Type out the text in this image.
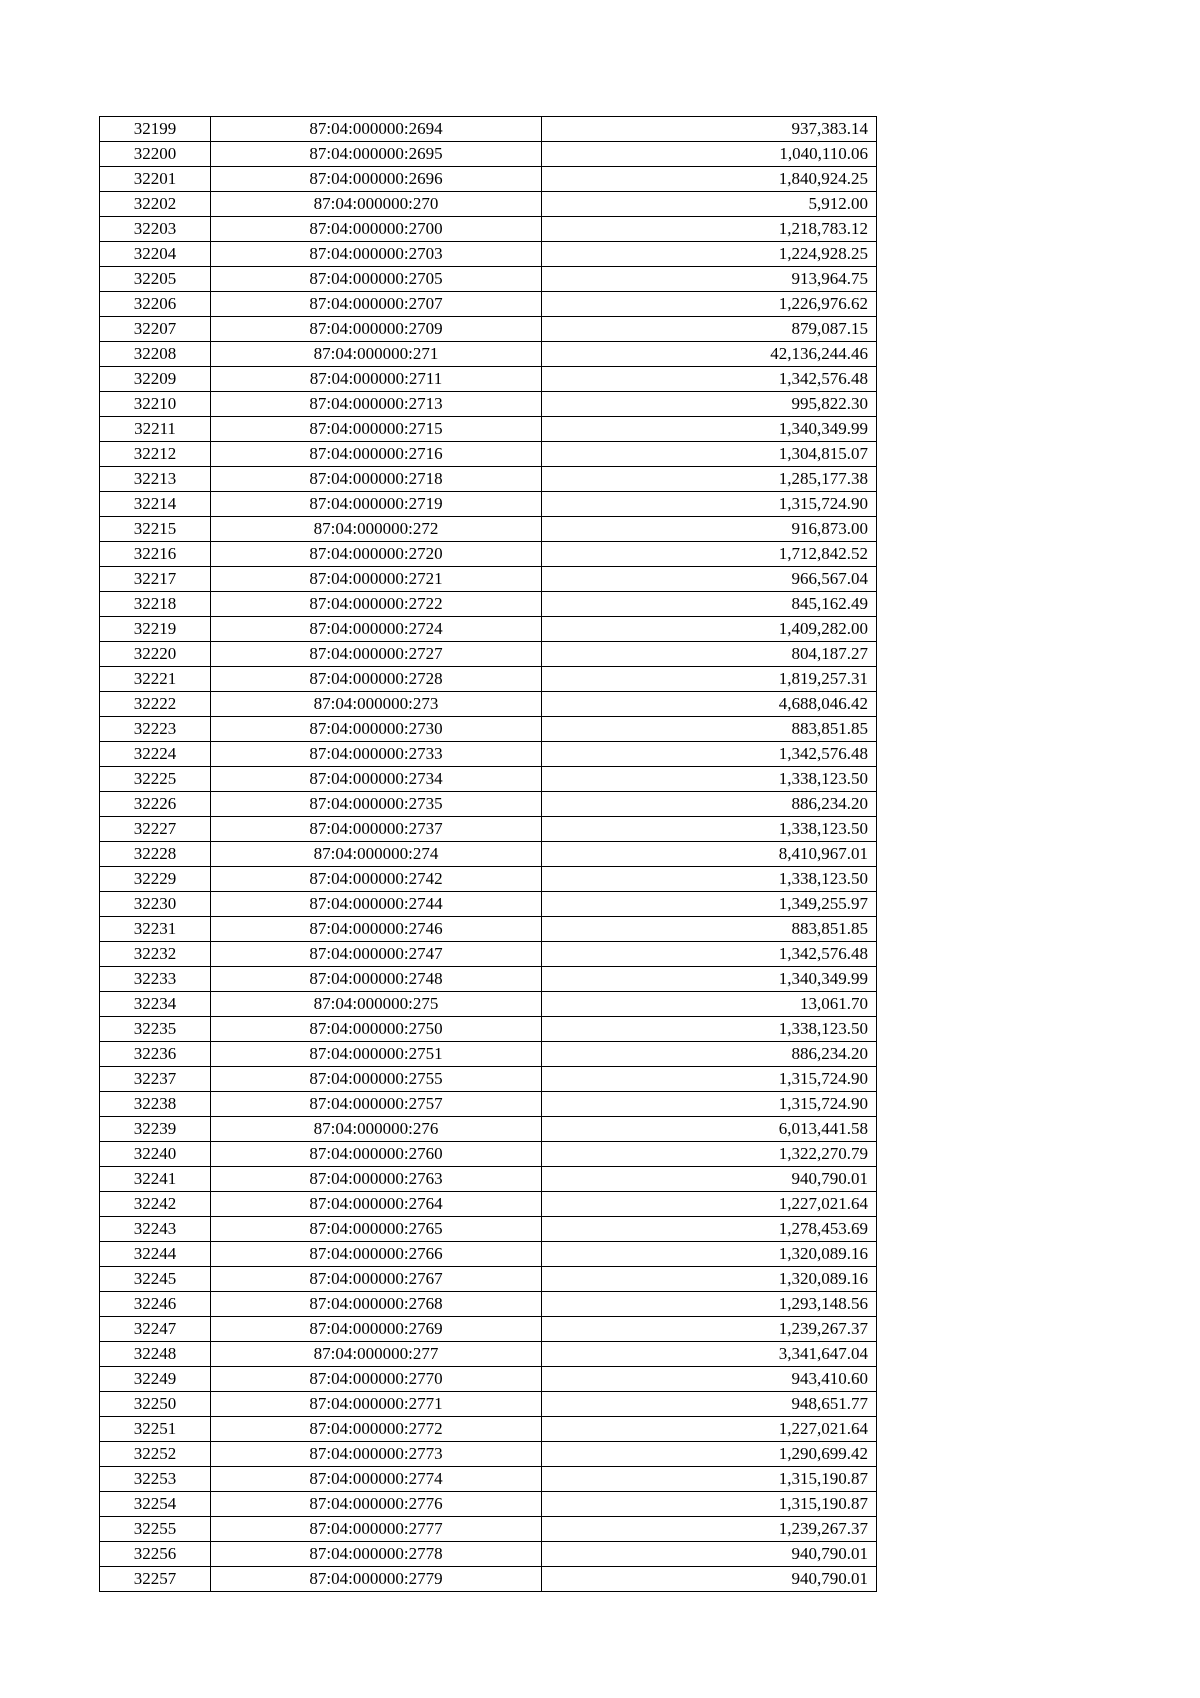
32199	87:04:000000:2694	937,383.14
32200	87:04:000000:2695	1,040,110.06
32201	87:04:000000:2696	1,840,924.25
32202	87:04:000000:270	5,912.00
32203	87:04:000000:2700	1,218,783.12
32204	87:04:000000:2703	1,224,928.25
32205	87:04:000000:2705	913,964.75
32206	87:04:000000:2707	1,226,976.62
32207	87:04:000000:2709	879,087.15
32208	87:04:000000:271	42,136,244.46
32209	87:04:000000:2711	1,342,576.48
32210	87:04:000000:2713	995,822.30
32211	87:04:000000:2715	1,340,349.99
32212	87:04:000000:2716	1,304,815.07
32213	87:04:000000:2718	1,285,177.38
32214	87:04:000000:2719	1,315,724.90
32215	87:04:000000:272	916,873.00
32216	87:04:000000:2720	1,712,842.52
32217	87:04:000000:2721	966,567.04
32218	87:04:000000:2722	845,162.49
32219	87:04:000000:2724	1,409,282.00
32220	87:04:000000:2727	804,187.27
32221	87:04:000000:2728	1,819,257.31
32222	87:04:000000:273	4,688,046.42
32223	87:04:000000:2730	883,851.85
32224	87:04:000000:2733	1,342,576.48
32225	87:04:000000:2734	1,338,123.50
32226	87:04:000000:2735	886,234.20
32227	87:04:000000:2737	1,338,123.50
32228	87:04:000000:274	8,410,967.01
32229	87:04:000000:2742	1,338,123.50
32230	87:04:000000:2744	1,349,255.97
32231	87:04:000000:2746	883,851.85
32232	87:04:000000:2747	1,342,576.48
32233	87:04:000000:2748	1,340,349.99
32234	87:04:000000:275	13,061.70
32235	87:04:000000:2750	1,338,123.50
32236	87:04:000000:2751	886,234.20
32237	87:04:000000:2755	1,315,724.90
32238	87:04:000000:2757	1,315,724.90
32239	87:04:000000:276	6,013,441.58
32240	87:04:000000:2760	1,322,270.79
32241	87:04:000000:2763	940,790.01
32242	87:04:000000:2764	1,227,021.64
32243	87:04:000000:2765	1,278,453.69
32244	87:04:000000:2766	1,320,089.16
32245	87:04:000000:2767	1,320,089.16
32246	87:04:000000:2768	1,293,148.56
32247	87:04:000000:2769	1,239,267.37
32248	87:04:000000:277	3,341,647.04
32249	87:04:000000:2770	943,410.60
32250	87:04:000000:2771	948,651.77
32251	87:04:000000:2772	1,227,021.64
32252	87:04:000000:2773	1,290,699.42
32253	87:04:000000:2774	1,315,190.87
32254	87:04:000000:2776	1,315,190.87
32255	87:04:000000:2777	1,239,267.37
32256	87:04:000000:2778	940,790.01
32257	87:04:000000:2779	940,790.01
